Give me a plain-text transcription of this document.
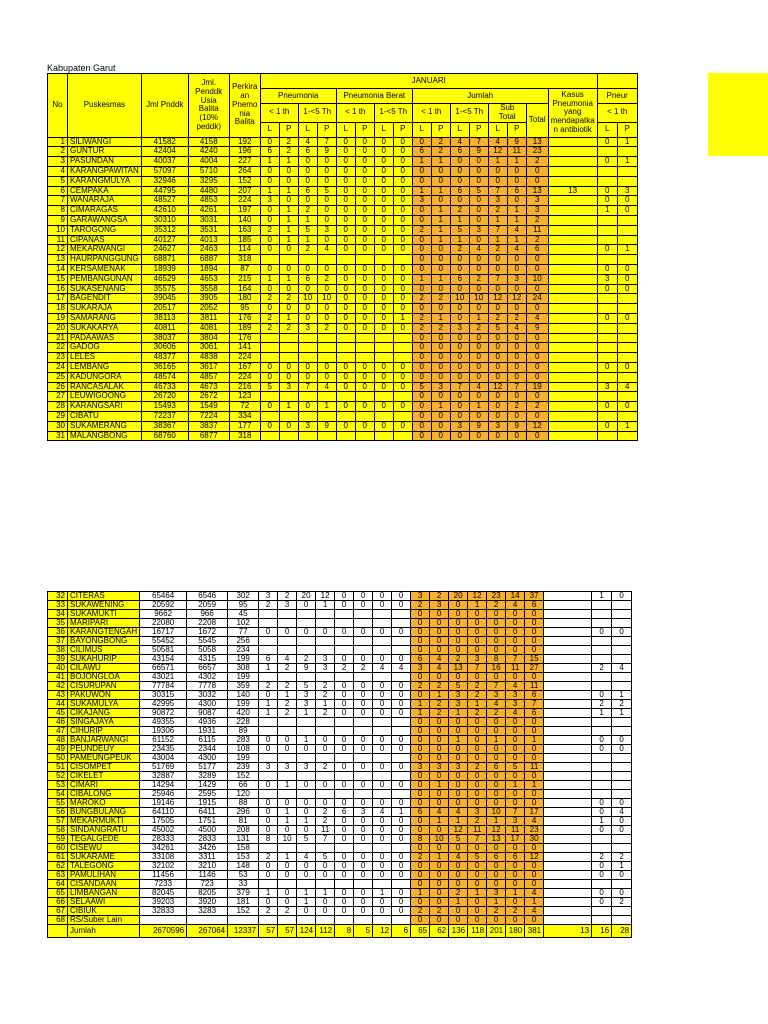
Kabupaten Garut
No	Puskesmas	Jml Pnddk	Jml. Penddk Usia Balita (10% peddk)	Perkira an Pnemo nia Balita	JANUARI																	
					Pneumonia				Pneumonia Berat				Jumlah							Kasus Pneumonia yang mendapatka n antibiotik	Pneur	
					< 1 th		1-<5 Th		< 1 th		1-<5 Th		< 1 th		1-<5 Th		Sub Total		Total		< 1 th	
					L	P	L	P	L	P	L	P	L	P	L	P	L	P			L	P
1	SILIWANGI	41582	4158	192	0	2	4	7	0	0	0	0	0	2	4	7	4	9	13		0	1
2	GUNTUR	42404	4240	196	6	2	6	9	0	0	0	0	6	2	6	9	12	11	23			
3	PASUNDAN	40037	4004	227	1	1	0	0	0	0	0	0	1	1	0	0	1	1	2		0	1
4	KARANGPAWITAN	57097	5710	264	0	0	0	0	0	0	0	0	0	0	0	0	0	0	0			
5	KARANGMULYA	32946	3295	152	0	0	0	0	0	0	0	0	0	0	0	0	0	0	0			
6	CEMPAKA	44795	4480	207	1	1	6	5	0	0	0	0	1	1	6	5	7	6	13	13	0	3
7	WANARAJA	48527	4853	224	3	0	0	0	0	0	0	0	3	0	0	0	3	0	3		0	0
8	CIMARAGAS	42610	4261	197	0	1	2	0	0	0	0	0	0	1	2	0	2	1	3		1	0
9	GARAWANGSA	30310	3031	140	0	1	1	0	0	0	0	0	0	1	1	0	1	1	2			
10	TAROGONG	35312	3531	163	2	1	5	3	0	0	0	0	2	1	5	3	7	4	11			
11	CIPANAS	40127	4013	185	0	1	1	0	0	0	0	0	0	1	1	0	1	1	2			
12	MEKARWANGI	24627	2463	114	0	0	2	4	0	0	0	0	0	0	2	4	2	4	6		0	1
13	HAURPANGGUNG	68871	6887	318									0	0	0	0	0	0	0			
14	KERSAMENAK	18939	1894	87	0	0	0	0	0	0	0	0	0	0	0	0	0	0	0		0	0
15	PEMBANGUNAN	46529	4653	215	1	1	6	2	0	0	0	0	1	1	6	2	7	3	10		3	0
16	SUKASENANG	35575	3558	164	0	0	0	0	0	0	0	0	0	0	0	0	0	0	0		0	0
17	BAGENDIT	39045	3905	180	2	2	10	10	0	0	0	0	2	2	10	10	12	12	24			
18	SUKARAJA	20517	2052	95	0	0	0	0	0	0	0	0	0	0	0	0	0	0	0			
19	SAMARANG	38113	3811	176	2	1	0	0	0	0	0	1	2	1	0	1	2	2	4		0	0
20	SUKAKARYA	40811	4081	189	2	2	3	2	0	0	0	0	2	2	3	2	5	4	9			
21	PADAAWAS	38037	3804	176									0	0	0	0	0	0	0			
22	GADOG	30606	3061	141									0	0	0	0	0	0	0			
23	LELES	48377	4838	224									0	0	0	0	0	0	0			
24	LEMBANG	36165	3617	167	0	0	0	0	0	0	0	0	0	0	0	0	0	0	0		0	0
25	KADUNGORA	48574	4857	224	0	0	0	0	0	0	0	0	0	0	0	0	0	0	0			
26	RANCASALAK	46733	4673	216	5	3	7	4	0	0	0	0	5	3	7	4	12	7	19		3	4
27	LEUWIGOONG	26720	2672	123									0	0	0	0	0	0	0			
28	KARANGSARI	15493	1549	72	0	1	0	1	0	0	0	0	0	1	0	1	0	2	2		0	0
29	CIBATU	72237	7224	334									0	0	0	0	0	0	0			
30	SUKAMERANG	38367	3837	177	0	0	3	9	0	0	0	0	0	0	3	9	3	9	12		0	1
31	MALANGBONG	68760	6877	318									0	0	0	0	0	0	0			
32	CITERAS	65464	6546	302	3	2	20	12	0	0	0	0	3	2	20	12	23	14	37		1	0
33	SUKAWENING	20592	2059	95	2	3	0	1	0	0	0	0	2	3	0	1	2	4	6			
34	SUKAMUKTI	9662	966	45									0	0	0	0	0	0	0			
35	MARIPARI	22080	2208	102									0	0	0	0	0	0	0			
36	KARANGTENGAH	16717	1672	77	0	0	0	0	0	0	0	0	0	0	0	0	0	0	0		0	0
37	BAYONGBONG	55452	5545	256									0	0	0	0	0	0	0			
38	CILIMUS	50581	5058	234									0	0	0	0	0	0	0			
39	SUKAHURIP	43154	4315	199	6	4	2	3	0	0	0	0	6	4	2	3	8	7	15			
40	CILAWU	66571	6657	308	1	2	9	3	2	2	4	4	3	4	13	7	16	11	27		2	4
41	BOJONGLOA	43021	4302	199									0	0	0	0	0	0	0			
42	CISURUPAN	77784	7778	359	2	2	5	2	0	0	0	0	2	2	5	2	7	4	11			
43	PAKUWON	30315	3032	140	0	1	3	2	0	0	0	0	0	1	3	2	3	3	6		0	1
44	SUKAMULYA	42995	4300	199	1	2	3	1	0	0	0	0	1	2	3	1	4	3	7		2	2
45	CIKAJANG	90872	9087	420	1	2	1	2	0	0	0	0	1	2	1	2	2	4	6		1	1
46	SINGAJAYA	49355	4936	228									0	0	0	0	0	0	0			
47	CIHURIP	19306	1931	89									0	0	0	0	0	0	0			
48	BANJARWANGI	61152	6115	283	0	0	1	0	0	0	0	0	0	0	1	0	1	0	1		0	0
49	PEUNDEUY	23435	2344	108	0	0	0	0	0	0	0	0	0	0	0	0	0	0	0		0	0
50	PAMEUNGPEUK	43004	4300	199									0	0	0	0	0	0	0			
51	CISOMPET	51769	5177	239	3	3	3	2	0	0	0	0	3	3	3	2	6	5	11			
52	CIKELET	32887	3289	152									0	0	0	0	0	0	0			
53	CIMARI	14294	1429	66	0	1	0	0	0	0	0	0	0	1	0	0	0	1	1			
54	CIBALONG	25946	2595	120									0	0	0	0	0	0	0			
55	MAROKO	19146	1915	88	0	0	0	0	0	0	0	0	0	0	0	0	0	0	0		0	0
56	BUNGBULANG	64110	6411	296	0	1	0	2	6	3	4	1	6	4	4	3	10	7	17		0	4
57	MEKARMUKTI	17505	1751	81	0	1	1	2	0	0	0	0	0	1	1	2	1	3	4		1	0
58	SINDANGRATU	45002	4500	208	0	0	0	11	0	0	0	0	0	0	12	11	12	11	23		0	0
59	TEGALGEDE	28333	2833	131	8	10	5	7	0	0	0	0	8	10	5	7	13	17	30			
60	CISEWU	34261	3426	158									0	0	0	0	0	0	0			
61	SUKARAME	33108	3311	153	2	1	4	5	0	0	0	0	2	1	4	5	6	6	12		2	2
62	TALEGONG	32102	3210	148	0	0	0	0	0	0	0	0	0	0	0	0	0	0	0		0	1
63	PAMULIHAN	11456	1146	53	0	0	0	0	0	0	0	0	0	0	0	0	0	0	0		0	0
64	CISANDAAN	7233	723	33									0	0	0	0	0	0	0			
65	LIMBANGAN	82045	8205	379	1	0	1	1	0	0	1	0	1	0	2	1	3	1	4		0	0
66	SELAAWI	39203	3920	181	0	0	1	0	0	0	0	0	0	0	1	0	1	0	1		0	2
67	CIBIUK	32833	3283	152	2	2	0	0	0	0	0	0	2	2	0	0	2	2	4			
68	RS/Suber Lain												0	0	0	0	0	0	0			
	Jumlah	2670596	267064	12337	57	57	124	112	8	5	12	6	65	62	136	118	201	180	381	13	16	28
